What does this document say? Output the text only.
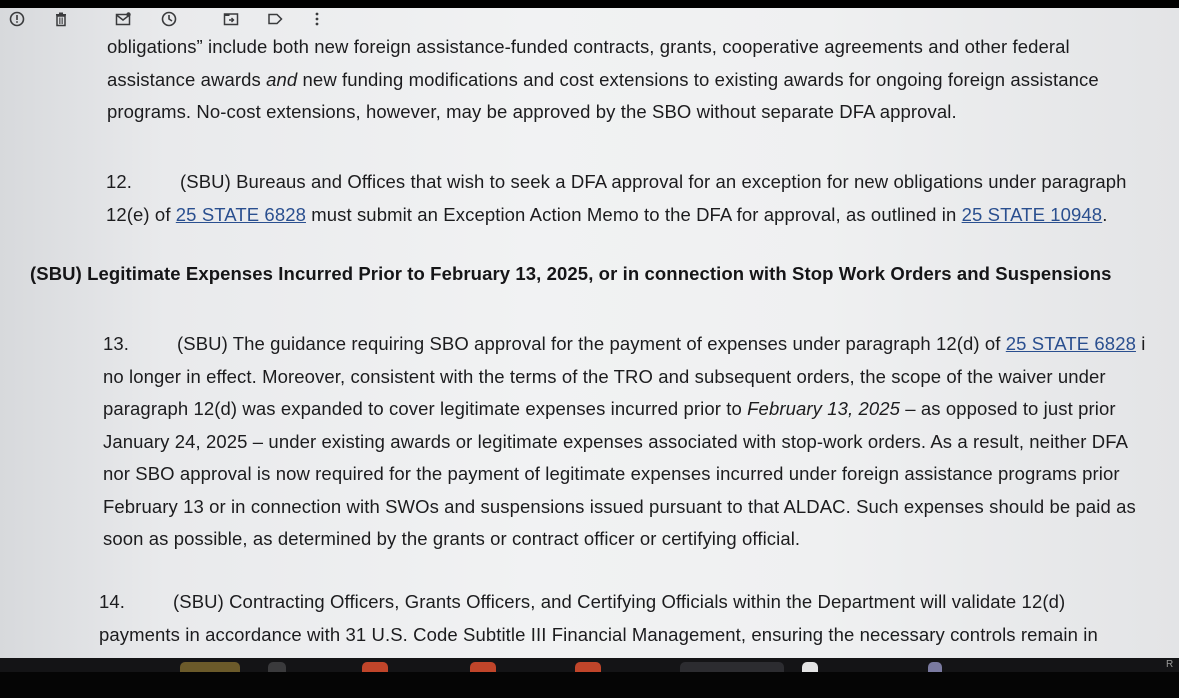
obligations” include both new foreign assistance-funded contracts, grants, cooperative agreements and other federal
assistance awards and new funding modifications and cost extensions to existing awards for ongoing foreign assistance
programs. No-cost extensions, however, may be approved by the SBO without separate DFA approval.
12.	(SBU) Bureaus and Offices that wish to seek a DFA approval for an exception for new obligations under paragraph
12(e) of 25 STATE 6828 must submit an Exception Action Memo to the DFA for approval, as outlined in 25 STATE 10948.
(SBU) Legitimate Expenses Incurred Prior to February 13, 2025, or in connection with Stop Work Orders and Suspensions
13.	(SBU) The guidance requiring SBO approval for the payment of expenses under paragraph 12(d) of 25 STATE 6828 i
no longer in effect. Moreover, consistent with the terms of the TRO and subsequent orders, the scope of the waiver under
paragraph 12(d) was expanded to cover legitimate expenses incurred prior to February 13, 2025 – as opposed to just prior
January 24, 2025 – under existing awards or legitimate expenses associated with stop-work orders. As a result, neither DFA
nor SBO approval is now required for the payment of legitimate expenses incurred under foreign assistance programs prior
February 13 or in connection with SWOs and suspensions issued pursuant to that ALDAC. Such expenses should be paid as
soon as possible, as determined by the grants or contract officer or certifying official.
14.	(SBU) Contracting Officers, Grants Officers, and Certifying Officials within the Department will validate 12(d)
payments in accordance with 31 U.S. Code Subtitle III Financial Management, ensuring the necessary controls remain in
R
